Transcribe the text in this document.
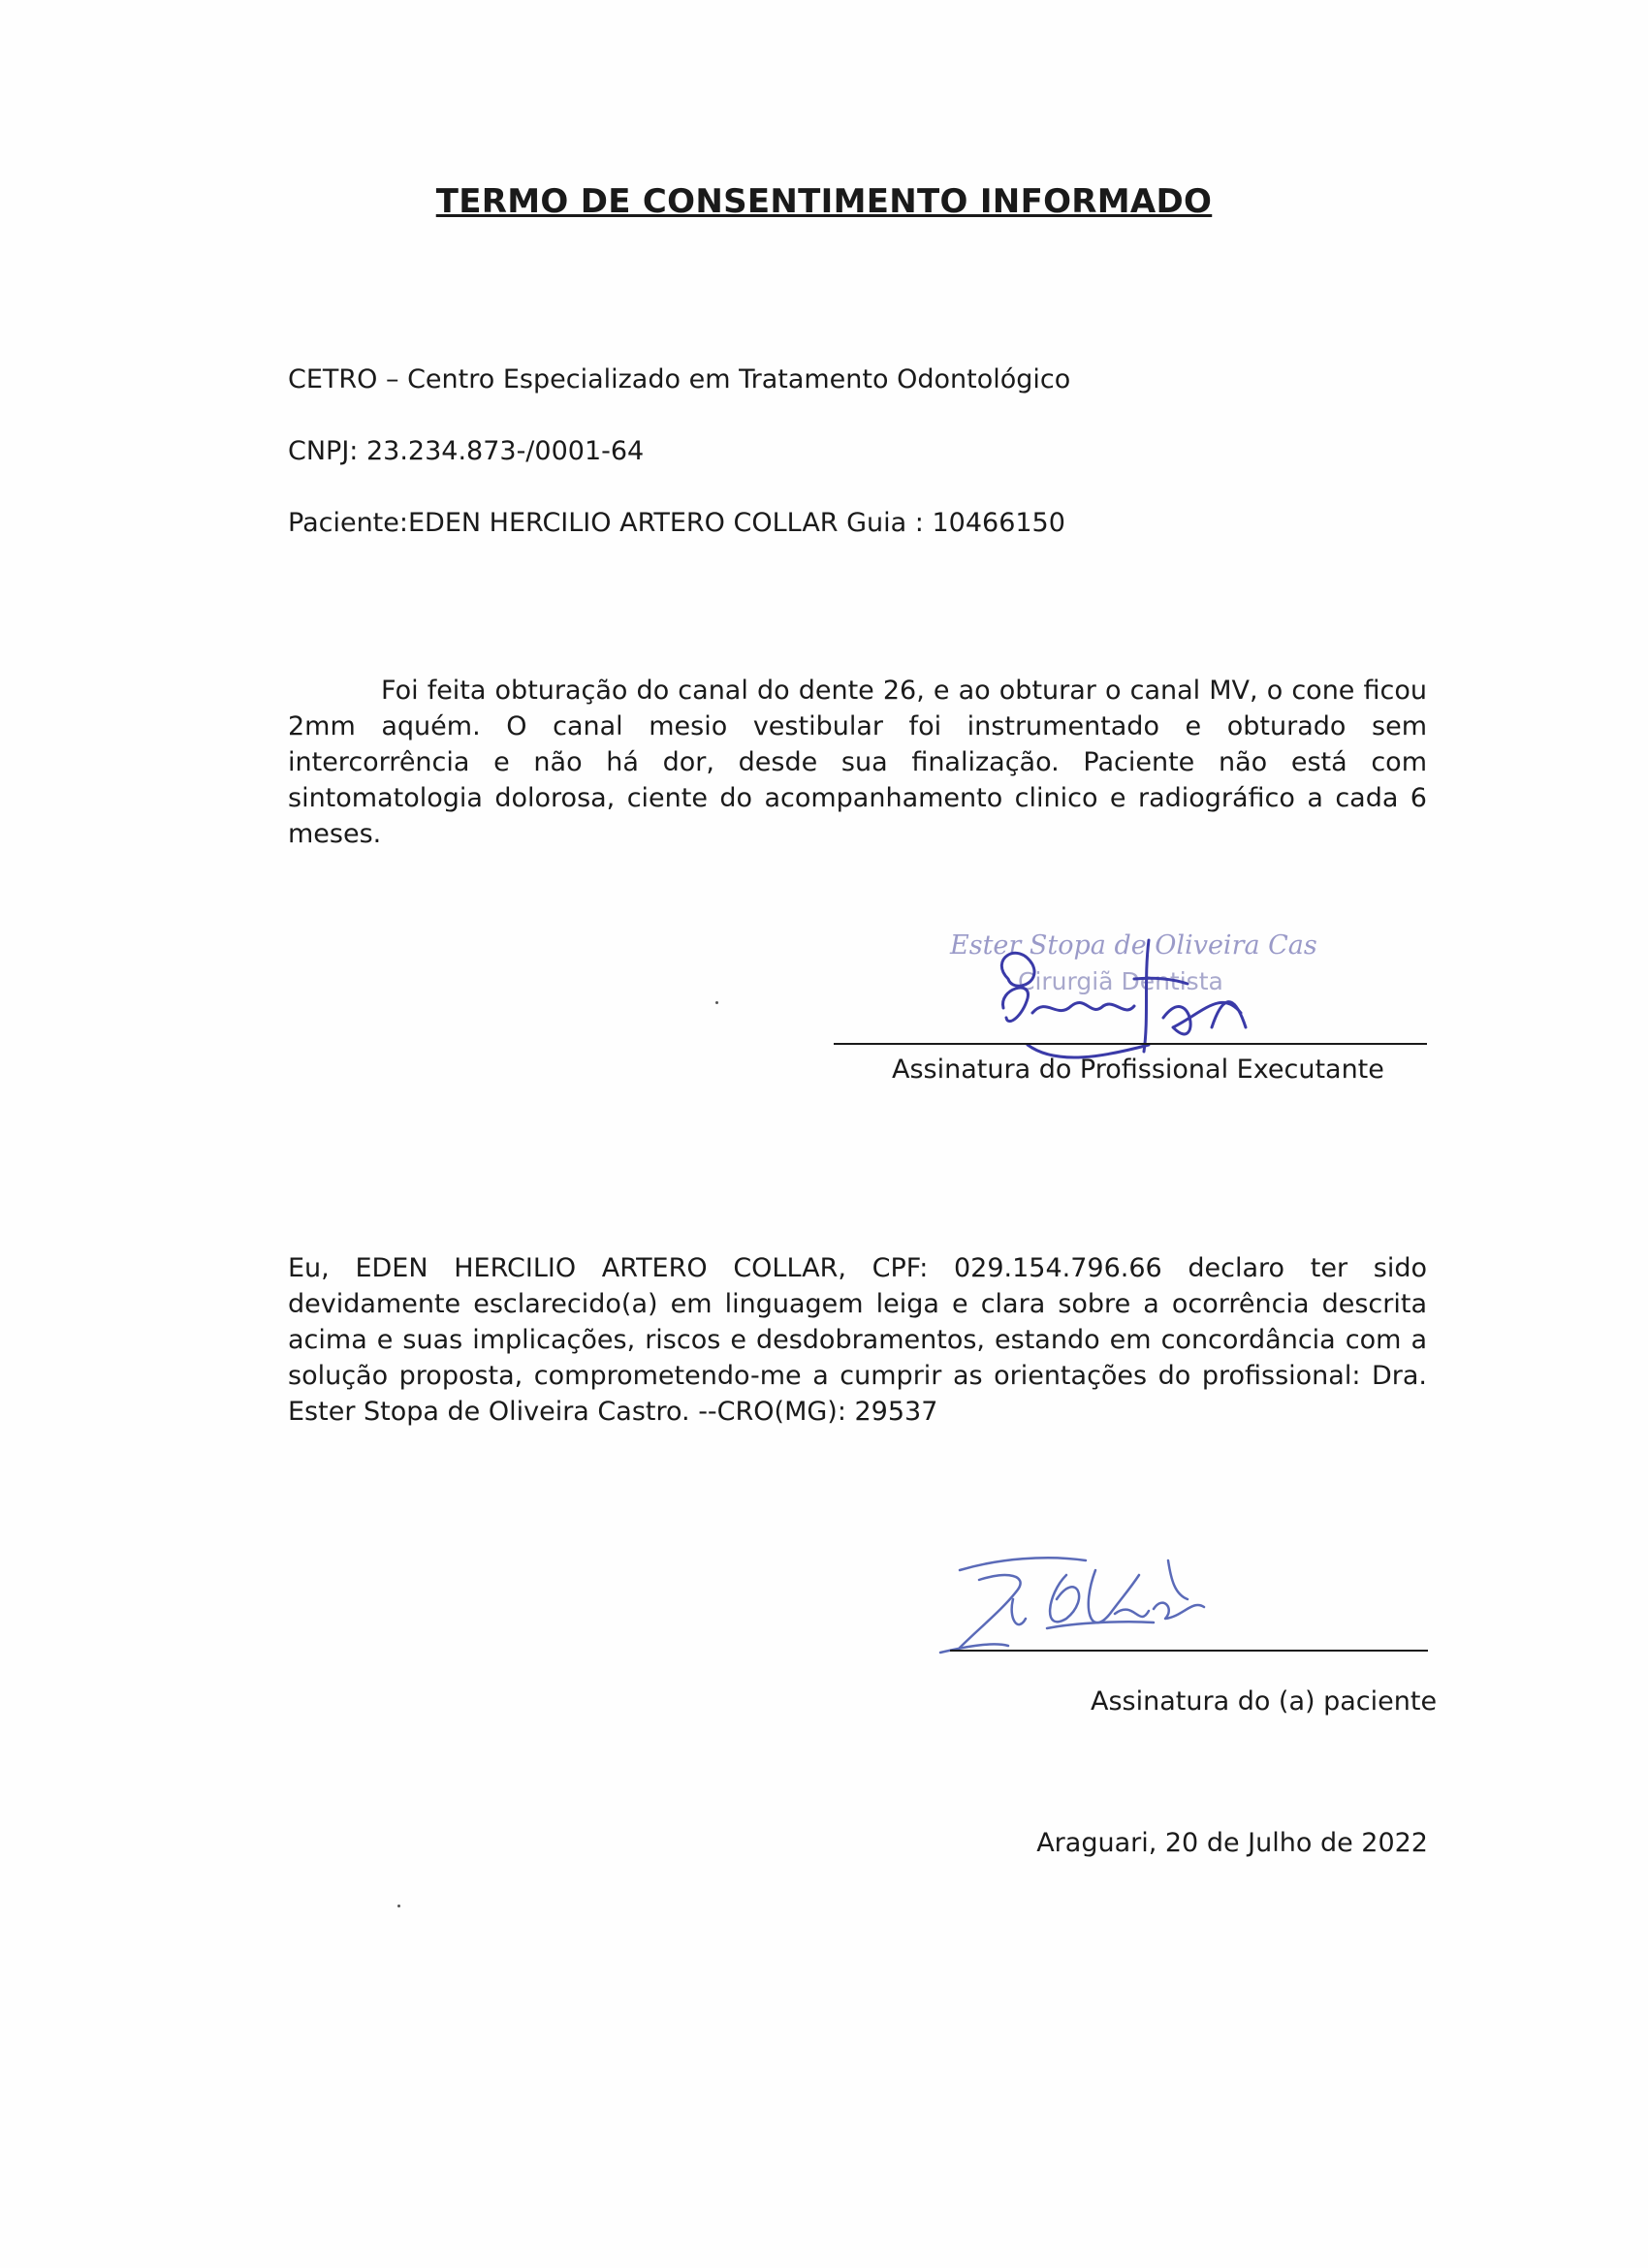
TERMO DE CONSENTIMENTO INFORMADO
CETRO – Centro Especializado em Tratamento Odontológico
CNPJ: 23.234.873-/0001-64
Paciente:EDEN HERCILIO ARTERO COLLAR Guia : 10466150
Foi feita obturação do canal do dente 26, e ao obturar o canal MV, o cone ficou 2mm aquém. O canal mesio vestibular foi instrumentado e obturado sem intercorrência e não há dor, desde sua finalização. Paciente não está com sintomatologia dolorosa, ciente do acompanhamento clinico e radiográfico a cada 6 meses.
Ester Stopa de Oliveira Cas
Cirurgiã Dentista
Assinatura do Profissional Executante
Eu, EDEN HERCILIO ARTERO COLLAR, CPF: 029.154.796.66 declaro ter sido devidamente esclarecido(a) em linguagem leiga e clara sobre a ocorrência descrita acima e suas implicações, riscos e desdobramentos, estando em concordância com a solução proposta, comprometendo-me a cumprir as orientações do profissional: Dra. Ester Stopa de Oliveira Castro. --CRO(MG): 29537
Assinatura do (a) paciente
Araguari, 20 de Julho de 2022
